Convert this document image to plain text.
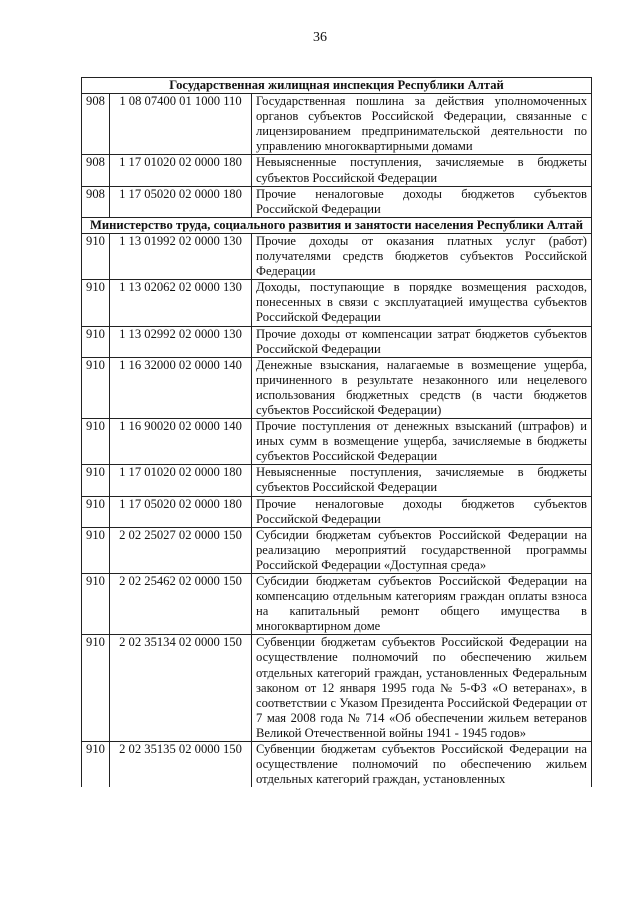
36
Государственная жилищная инспекция Республики Алтай		
908	1 08 07400 01 1000 110	Государственная пошлина за действия уполномоченных органов субъектов Российской Федерации, связанные с лицензированием предпринимательской деятельности по управлению многоквартирными домами
908	1 17 01020 02 0000 180	Невыясненные поступления, зачисляемые в бюджеты субъектов Российской Федерации
908	1 17 05020 02 0000 180	Прочие неналоговые доходы бюджетов субъектов Российской Федерации
Министерство труда, социального развития и занятости населения Республики Алтай		
910	1 13 01992 02 0000 130	Прочие доходы от оказания платных услуг (работ) получателями средств бюджетов субъектов Российской Федерации
910	1 13 02062 02 0000 130	Доходы, поступающие в порядке возмещения расходов, понесенных в связи с эксплуатацией имущества субъектов Российской Федерации
910	1 13 02992 02 0000 130	Прочие доходы от компенсации затрат бюджетов субъектов Российской Федерации
910	1 16 32000 02 0000 140	Денежные взыскания, налагаемые в возмещение ущерба, причиненного в результате незаконного или нецелевого использования бюджетных средств (в части бюджетов субъектов Российской Федерации)
910	1 16 90020 02 0000 140	Прочие поступления от денежных взысканий (штрафов) и иных сумм в возмещение ущерба, зачисляемые в бюджеты субъектов Российской Федерации
910	1 17 01020 02 0000 180	Невыясненные поступления, зачисляемые в бюджеты субъектов Российской Федерации
910	1 17 05020 02 0000 180	Прочие неналоговые доходы бюджетов субъектов Российской Федерации
910	2 02 25027 02 0000 150	Субсидии бюджетам субъектов Российской Федерации на реализацию мероприятий государственной программы Российской Федерации «Доступная среда»
910	2 02 25462 02 0000 150	Субсидии бюджетам субъектов Российской Федерации на компенсацию отдельным категориям граждан оплаты взноса на капитальный ремонт общего имущества в многоквартирном доме
910	2 02 35134 02 0000 150	Субвенции бюджетам субъектов Российской Федерации на осуществление полномочий по обеспечению жильем отдельных категорий граждан, установленных Федеральным законом от 12 января 1995 года № 5-ФЗ «О ветеранах», в соответствии с Указом Президента Российской Федерации от 7 мая 2008 года № 714 «Об обеспечении жильем ветеранов Великой Отечественной войны 1941 - 1945 годов»
910	2 02 35135 02 0000 150	Субвенции бюджетам субъектов Российской Федерации на осуществление полномочий по обеспечению жильем отдельных категорий граждан, установленных
